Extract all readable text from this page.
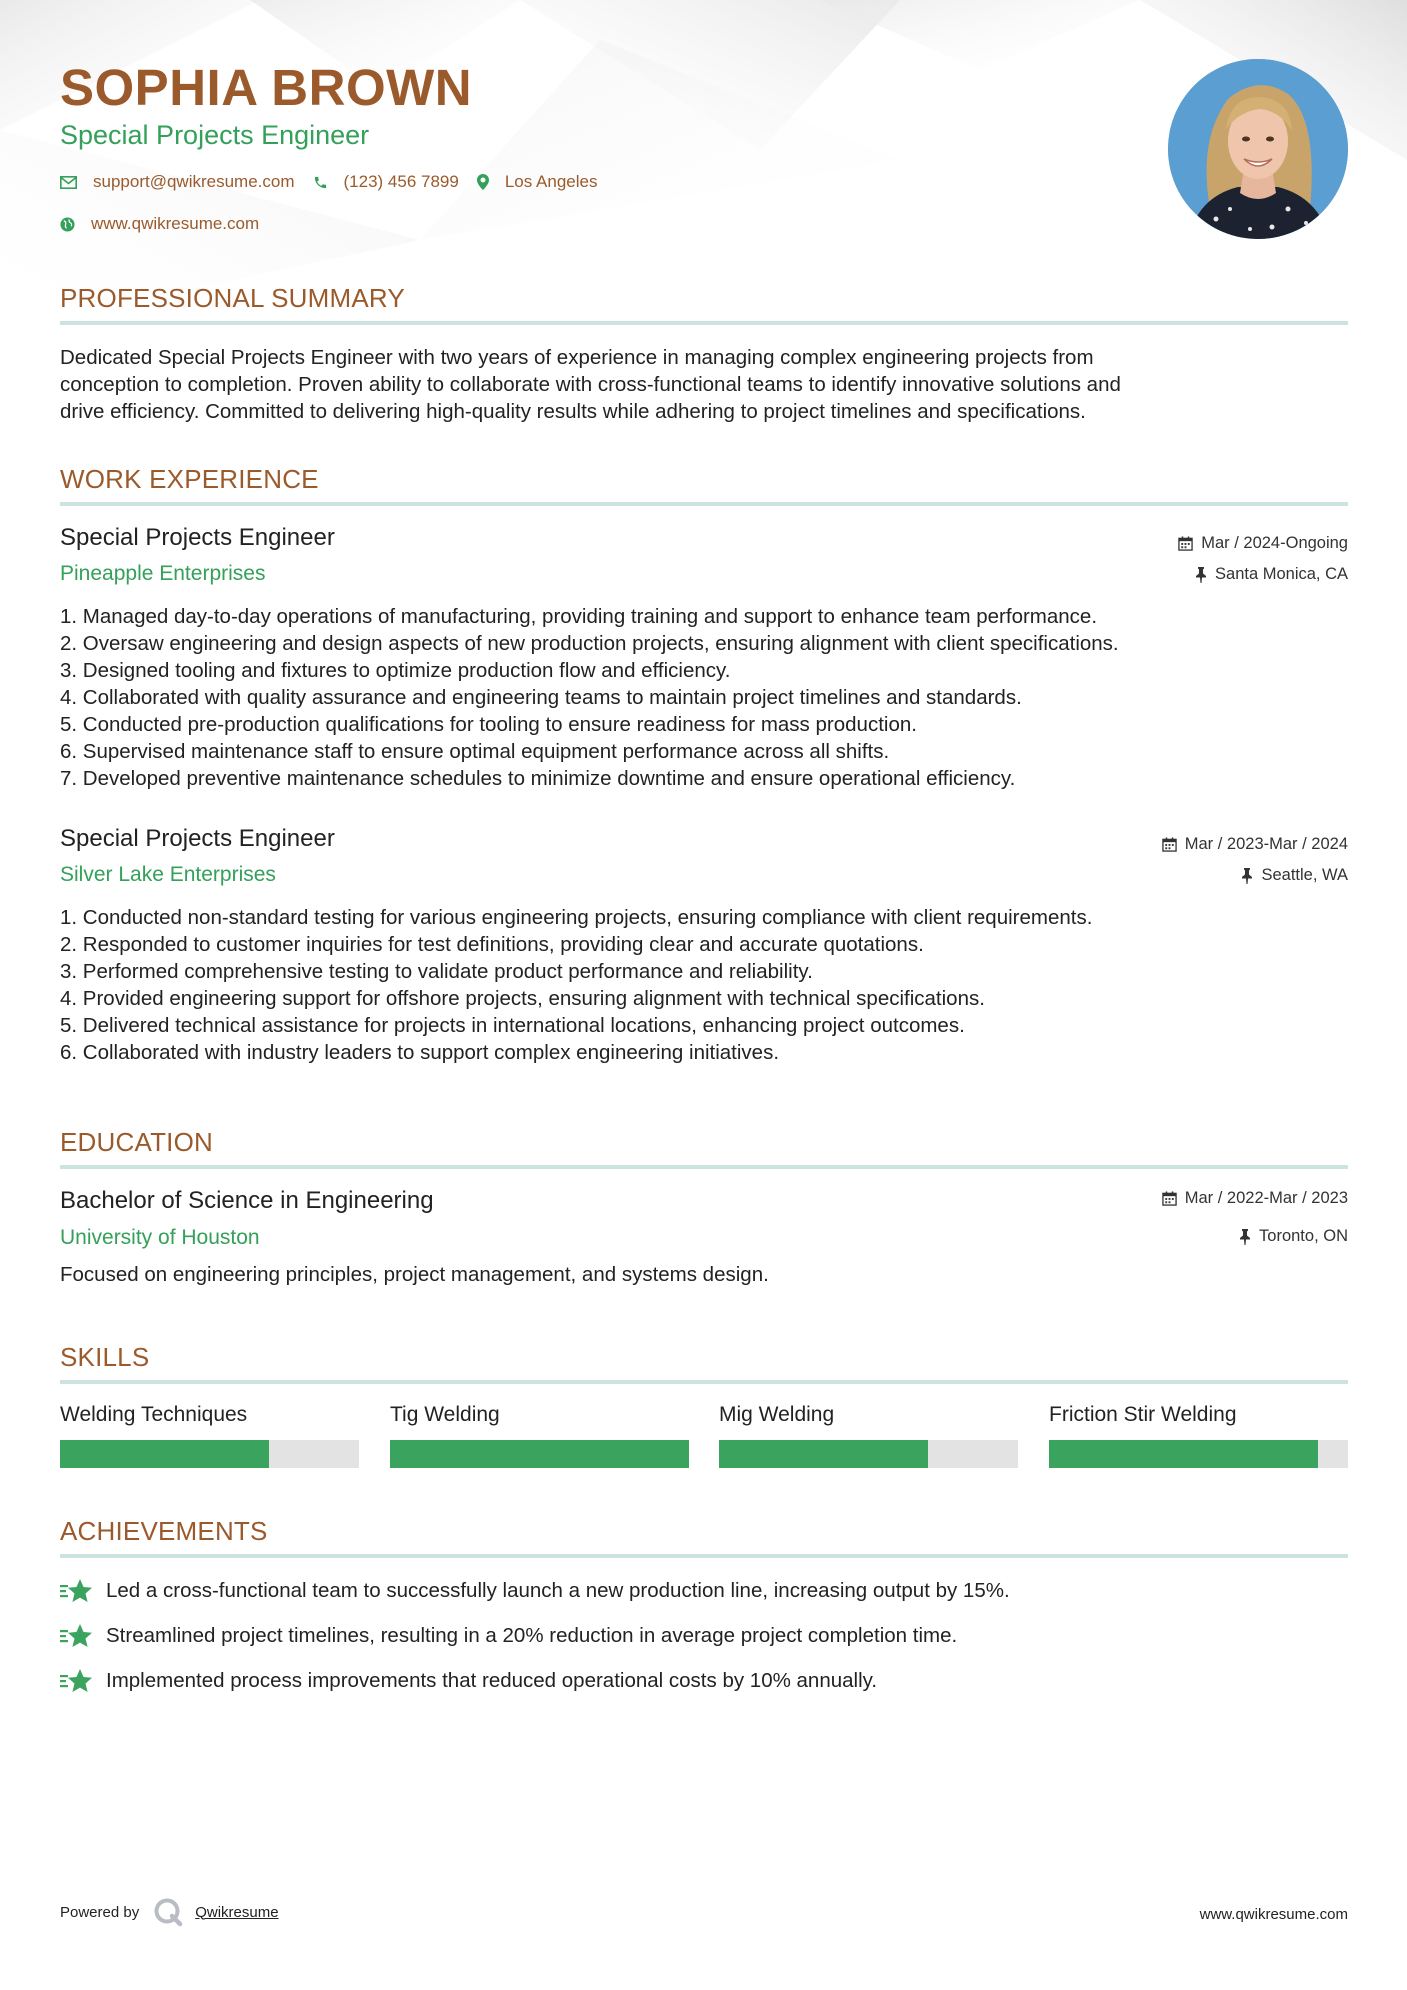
SOPHIA BROWN
Special Projects Engineer
support@qwikresume.com	(123) 456 7899	Los Angeles
www.qwikresume.com
PROFESSIONAL SUMMARY
Dedicated Special Projects Engineer with two years of experience in managing complex engineering projects from
conception to completion. Proven ability to collaborate with cross-functional teams to identify innovative solutions and
drive efficiency. Committed to delivering high-quality results while adhering to project timelines and specifications.
WORK EXPERIENCE
Special Projects Engineer	Mar / 2024-Ongoing
Pineapple Enterprises	Santa Monica, CA
1. Managed day-to-day operations of manufacturing, providing training and support to enhance team performance.
2. Oversaw engineering and design aspects of new production projects, ensuring alignment with client specifications.
3. Designed tooling and fixtures to optimize production flow and efficiency.
4. Collaborated with quality assurance and engineering teams to maintain project timelines and standards.
5. Conducted pre-production qualifications for tooling to ensure readiness for mass production.
6. Supervised maintenance staff to ensure optimal equipment performance across all shifts.
7. Developed preventive maintenance schedules to minimize downtime and ensure operational efficiency.
Special Projects Engineer	Mar / 2023-Mar / 2024
Silver Lake Enterprises	Seattle, WA
1. Conducted non-standard testing for various engineering projects, ensuring compliance with client requirements.
2. Responded to customer inquiries for test definitions, providing clear and accurate quotations.
3. Performed comprehensive testing to validate product performance and reliability.
4. Provided engineering support for offshore projects, ensuring alignment with technical specifications.
5. Delivered technical assistance for projects in international locations, enhancing project outcomes.
6. Collaborated with industry leaders to support complex engineering initiatives.
EDUCATION
Bachelor of Science in Engineering	Mar / 2022-Mar / 2023
University of Houston	Toronto, ON
Focused on engineering principles, project management, and systems design.
SKILLS
Welding Techniques	Tig Welding	Mig Welding	Friction Stir Welding
ACHIEVEMENTS
Led a cross-functional team to successfully launch a new production line, increasing output by 15%.
Streamlined project timelines, resulting in a 20% reduction in average project completion time.
Implemented process improvements that reduced operational costs by 10% annually.
Powered by	Qwikresume	www.qwikresume.com
